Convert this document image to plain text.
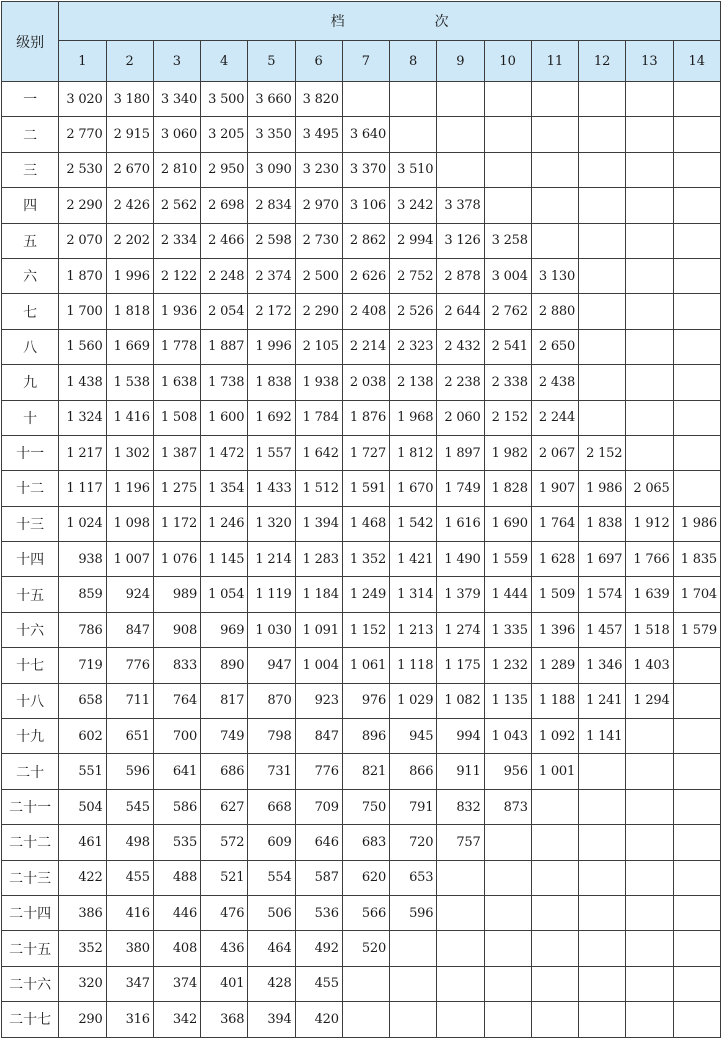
级别	档 次													
	1	2	3	4	5	6	7	8	9	10	11	12	13	14
一	3 020	3 180	3 340	3 500	3 660	3 820								
二	2 770	2 915	3 060	3 205	3 350	3 495	3 640							
三	2 530	2 670	2 810	2 950	3 090	3 230	3 370	3 510						
四	2 290	2 426	2 562	2 698	2 834	2 970	3 106	3 242	3 378					
五	2 070	2 202	2 334	2 466	2 598	2 730	2 862	2 994	3 126	3 258				
六	1 870	1 996	2 122	2 248	2 374	2 500	2 626	2 752	2 878	3 004	3 130			
七	1 700	1 818	1 936	2 054	2 172	2 290	2 408	2 526	2 644	2 762	2 880			
八	1 560	1 669	1 778	1 887	1 996	2 105	2 214	2 323	2 432	2 541	2 650			
九	1 438	1 538	1 638	1 738	1 838	1 938	2 038	2 138	2 238	2 338	2 438			
十	1 324	1 416	1 508	1 600	1 692	1 784	1 876	1 968	2 060	2 152	2 244			
十一	1 217	1 302	1 387	1 472	1 557	1 642	1 727	1 812	1 897	1 982	2 067	2 152		
十二	1 117	1 196	1 275	1 354	1 433	1 512	1 591	1 670	1 749	1 828	1 907	1 986	2 065	
十三	1 024	1 098	1 172	1 246	1 320	1 394	1 468	1 542	1 616	1 690	1 764	1 838	1 912	1 986
十四	938	1 007	1 076	1 145	1 214	1 283	1 352	1 421	1 490	1 559	1 628	1 697	1 766	1 835
十五	859	924	989	1 054	1 119	1 184	1 249	1 314	1 379	1 444	1 509	1 574	1 639	1 704
十六	786	847	908	969	1 030	1 091	1 152	1 213	1 274	1 335	1 396	1 457	1 518	1 579
十七	719	776	833	890	947	1 004	1 061	1 118	1 175	1 232	1 289	1 346	1 403	
十八	658	711	764	817	870	923	976	1 029	1 082	1 135	1 188	1 241	1 294	
十九	602	651	700	749	798	847	896	945	994	1 043	1 092	1 141		
二十	551	596	641	686	731	776	821	866	911	956	1 001			
二十一	504	545	586	627	668	709	750	791	832	873				
二十二	461	498	535	572	609	646	683	720	757					
二十三	422	455	488	521	554	587	620	653						
二十四	386	416	446	476	506	536	566	596						
二十五	352	380	408	436	464	492	520							
二十六	320	347	374	401	428	455								
二十七	290	316	342	368	394	420								
